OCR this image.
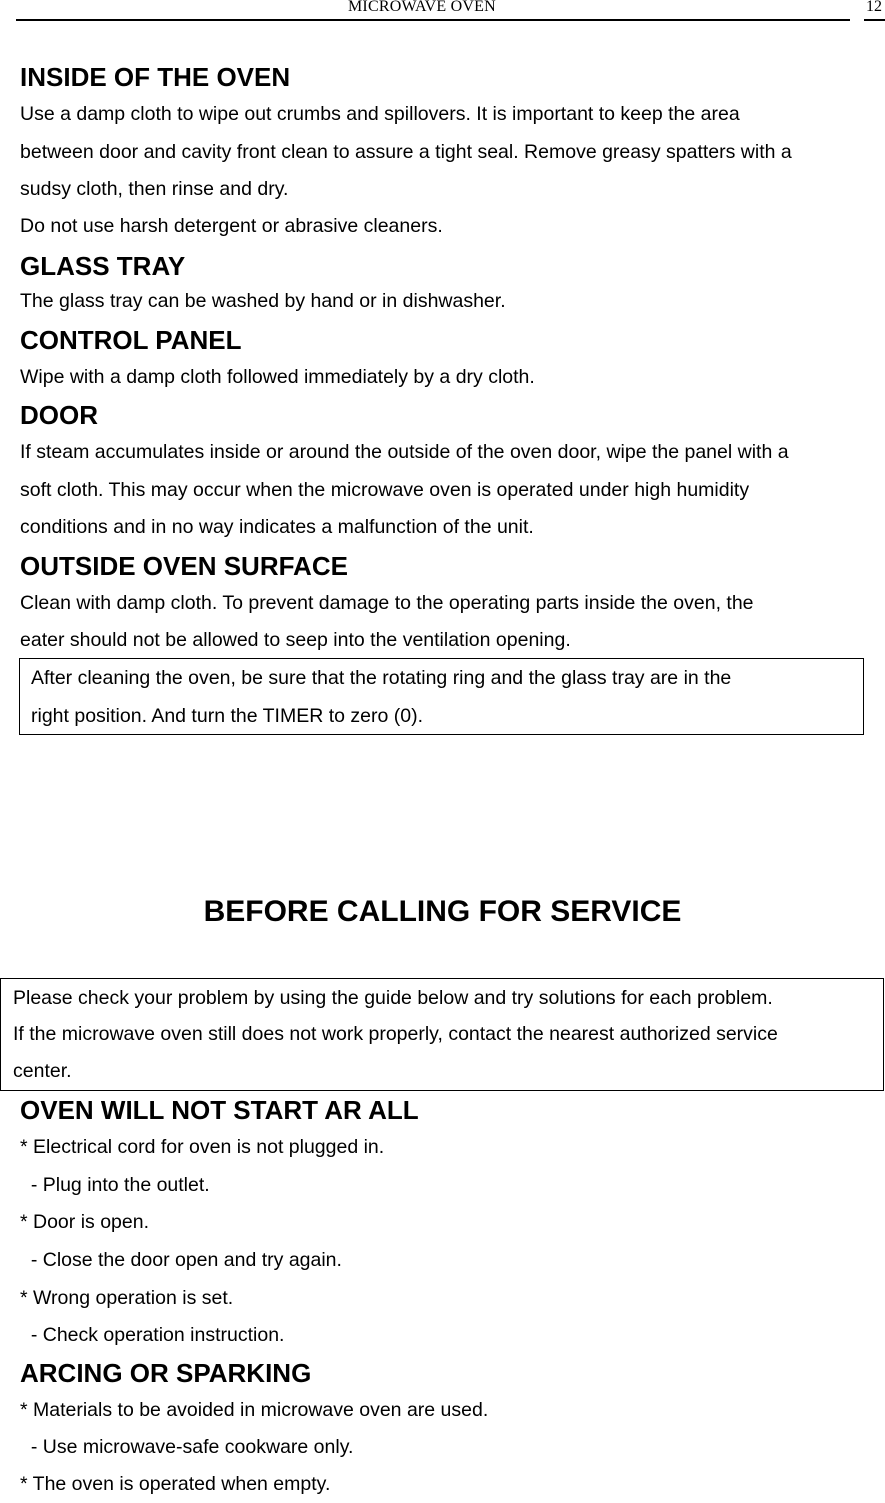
MICROWAVE OVEN	12
INSIDE OF THE OVEN
Use a damp cloth to wipe out crumbs and spillovers. It is important to keep the area
between door and cavity front clean to assure a tight seal. Remove greasy spatters with a
sudsy cloth, then rinse and dry.
Do not use harsh detergent or abrasive cleaners.
GLASS TRAY
The glass tray can be washed by hand or in dishwasher.
CONTROL PANEL
Wipe with a damp cloth followed immediately by a dry cloth.
DOOR
If steam accumulates inside or around the outside of the oven door, wipe the panel with a
soft cloth. This may occur when the microwave oven is operated under high humidity
conditions and in no way indicates a malfunction of the unit.
OUTSIDE OVEN SURFACE
Clean with damp cloth. To prevent damage to the operating parts inside the oven, the
eater should not be allowed to seep into the ventilation opening.
After cleaning the oven, be sure that the rotating ring and the glass tray are in the
right position. And turn the TIMER to zero (0).
BEFORE CALLING FOR SERVICE
Please check your problem by using the guide below and try solutions for each problem.
If the microwave oven still does not work properly, contact the nearest authorized service
center.
OVEN WILL NOT START AR ALL
* Electrical cord for oven is not plugged in.
- Plug into the outlet.
* Door is open.
- Close the door open and try again.
* Wrong operation is set.
- Check operation instruction.
ARCING OR SPARKING
* Materials to be avoided in microwave oven are used.
- Use microwave-safe cookware only.
* The oven is operated when empty.
